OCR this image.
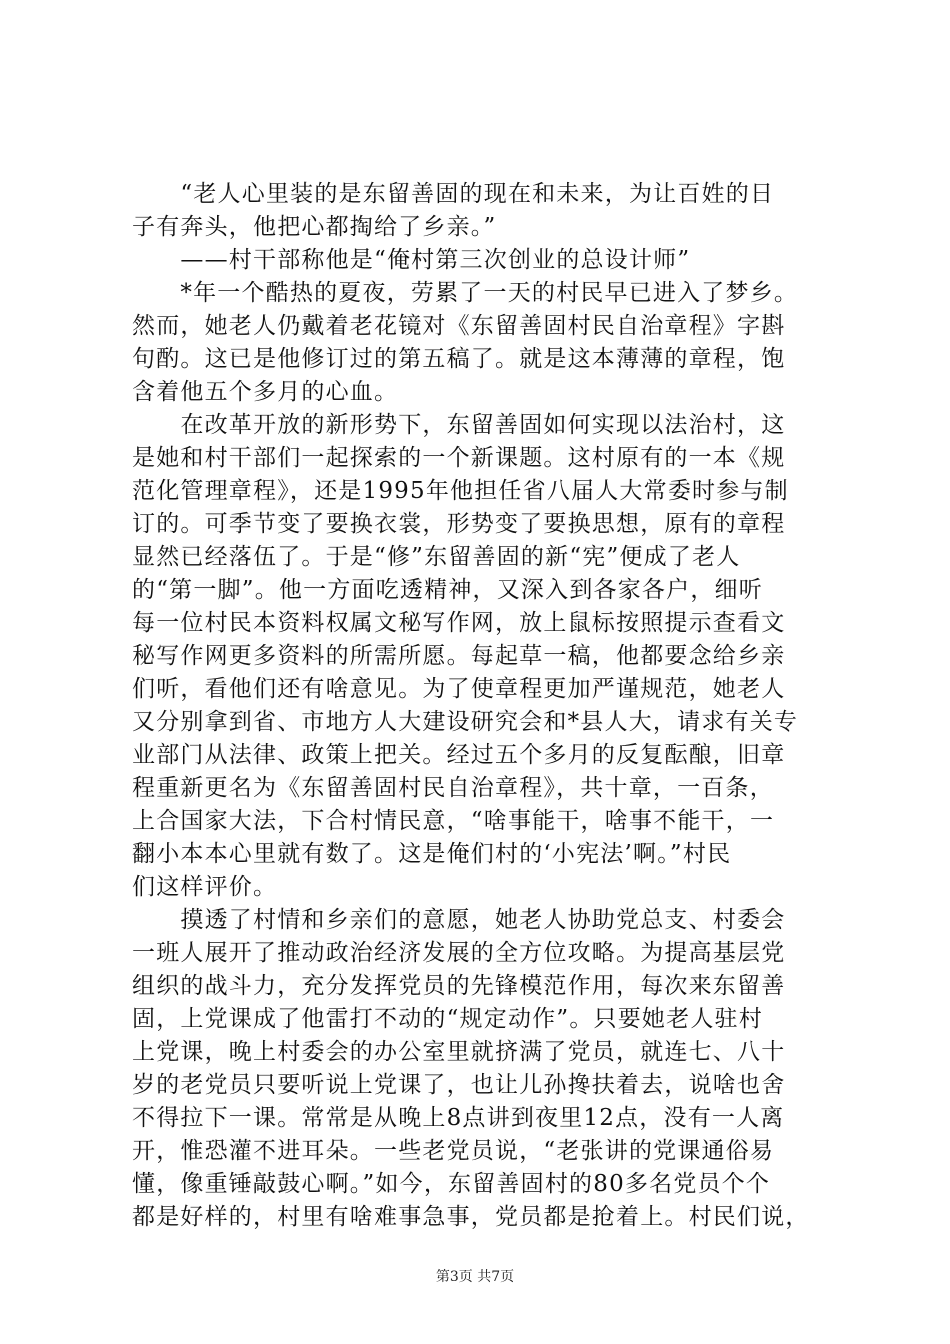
　　“老人心里装的是东留善固的现在和未来，为让百姓的日
子有奔头，他把心都掏给了乡亲。”
　　——村干部称他是“俺村第三次创业的总设计师”
　　*年一个酷热的夏夜，劳累了一天的村民早已进入了梦乡。
然而，她老人仍戴着老花镜对《东留善固村民自治章程》字斟
句酌。这已是他修订过的第五稿了。就是这本薄薄的章程，饱
含着他五个多月的心血。
　　在改革开放的新形势下，东留善固如何实现以法治村，这
是她和村干部们一起探索的一个新课题。这村原有的一本《规
范化管理章程》，还是1995年他担任省八届人大常委时参与制
订的。可季节变了要换衣裳，形势变了要换思想，原有的章程
显然已经落伍了。于是“修”东留善固的新“宪”便成了老人
的“第一脚”。他一方面吃透精神，又深入到各家各户，细听
每一位村民本资料权属文秘写作网，放上鼠标按照提示查看文
秘写作网更多资料的所需所愿。每起草一稿，他都要念给乡亲
们听，看他们还有啥意见。为了使章程更加严谨规范，她老人
又分别拿到省、市地方人大建设研究会和*县人大，请求有关专
业部门从法律、政策上把关。经过五个多月的反复酝酿，旧章
程重新更名为《东留善固村民自治章程》，共十章，一百条，
上合国家大法，下合村情民意，“啥事能干，啥事不能干，一
翻小本本心里就有数了。这是俺们村的‘小宪法’啊。”村民
们这样评价。
　　摸透了村情和乡亲们的意愿，她老人协助党总支、村委会
一班人展开了推动政治经济发展的全方位攻略。为提高基层党
组织的战斗力，充分发挥党员的先锋模范作用，每次来东留善
固，上党课成了他雷打不动的“规定动作”。只要她老人驻村
上党课，晚上村委会的办公室里就挤满了党员，就连七、八十
岁的老党员只要听说上党课了，也让儿孙搀扶着去，说啥也舍
不得拉下一课。常常是从晚上8点讲到夜里12点，没有一人离
开，惟恐灌不进耳朵。一些老党员说，“老张讲的党课通俗易
懂，像重锤敲鼓心啊。”如今，东留善固村的80多名党员个个
都是好样的，村里有啥难事急事，党员都是抢着上。村民们说，
第3页 共7页
